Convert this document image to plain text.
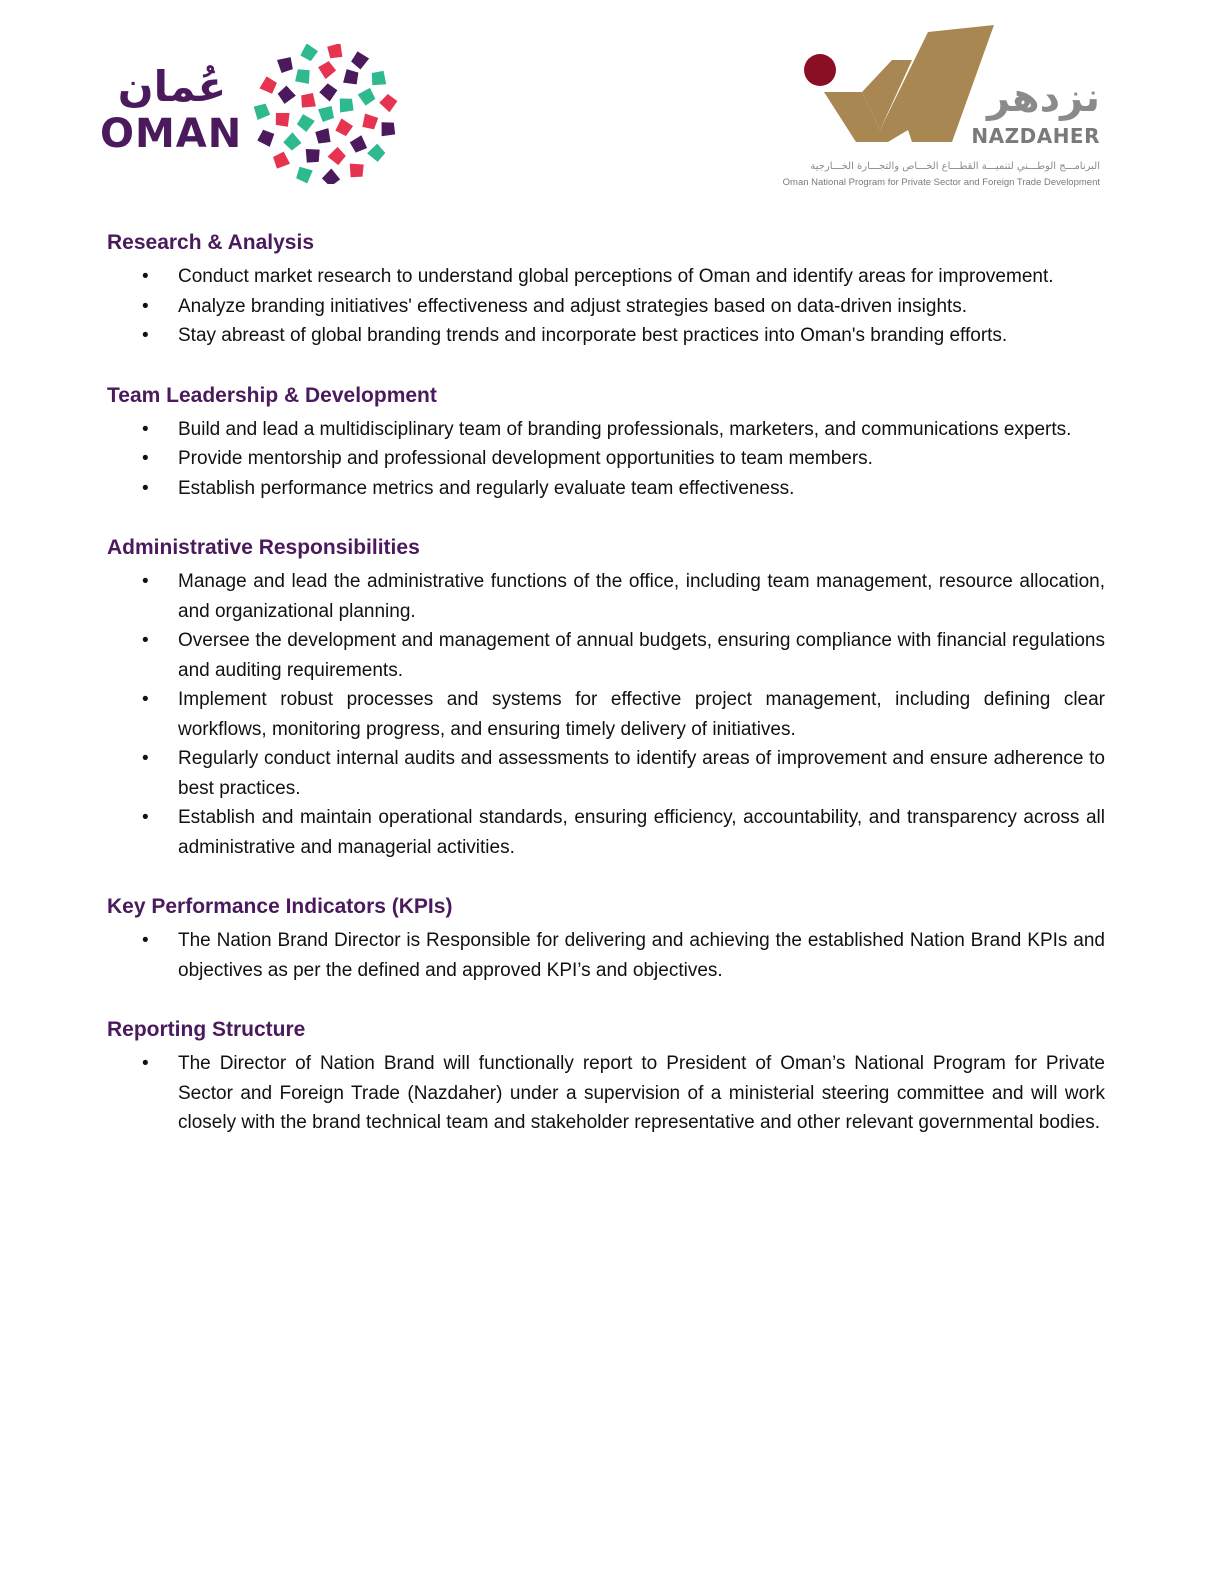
عُمان
OMAN
نزدهر
NAZDAHER
البرنامـــج الوطـــني لتنميـــة القطـــاع الخـــاص والتجـــارة الخـــارجية
Oman National Program for Private Sector and Foreign Trade Development
Research & Analysis
• Conduct market research to understand global perceptions of Oman and identify areas for improvement.
• Analyze branding initiatives' effectiveness and adjust strategies based on data-driven insights.
• Stay abreast of global branding trends and incorporate best practices into Oman's branding efforts.
Team Leadership & Development
• Build and lead a multidisciplinary team of branding professionals, marketers, and communications experts.
• Provide mentorship and professional development opportunities to team members.
• Establish performance metrics and regularly evaluate team effectiveness.
Administrative Responsibilities
• Manage and lead the administrative functions of the office, including team management, resource allocation, and organizational planning.
• Oversee the development and management of annual budgets, ensuring compliance with financial regulations and auditing requirements.
• Implement robust processes and systems for effective project management, including defining clear workflows, monitoring progress, and ensuring timely delivery of initiatives.
• Regularly conduct internal audits and assessments to identify areas of improvement and ensure adherence to best practices.
• Establish and maintain operational standards, ensuring efficiency, accountability, and transparency across all administrative and managerial activities.
Key Performance Indicators (KPIs)
• The Nation Brand Director is Responsible for delivering and achieving the established Nation Brand KPIs and objectives as per the defined and approved KPI’s and objectives.
Reporting Structure
• The Director of Nation Brand will functionally report to President of Oman’s National Program for Private Sector and Foreign Trade (Nazdaher) under a supervision of a ministerial steering committee and will work closely with the brand technical team and stakeholder representative and other relevant governmental bodies.
